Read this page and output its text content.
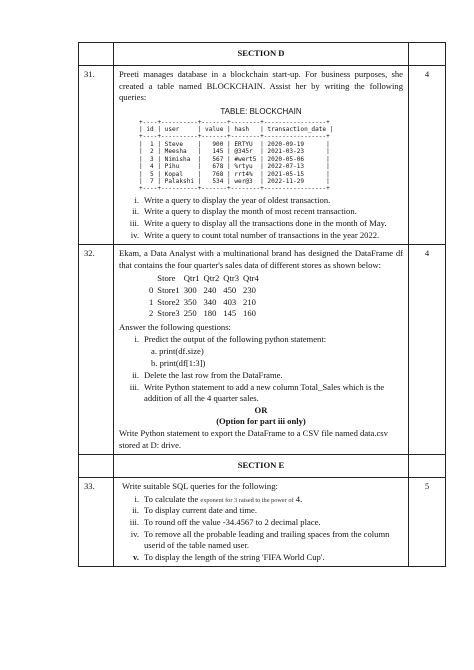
	SECTION D	
31.	Preeti manages database in a blockchain start-up. For business purposes, she created a table named BLOCKCHAIN. Assist her by writing the following queries:
TABLE: BLOCKCHAIN
+----+----------+-------+--------+-----------------+
| id | user     | value | hash   | transaction_date |
+----+----------+-------+--------+-----------------+
|  1 | Steve    |   900 | ERTYU  | 2020-09-19      |
|  2 | Meesha   |   145 | @345r  | 2021-03-23      |
|  3 | Nimisha  |   567 | #wert5 | 2020-05-06      |
|  4 | Pihu     |   678 | %rtyu  | 2022-07-13      |
|  5 | Kopal    |   768 | rrt4%  | 2021-05-15      |
|  7 | Palakshi |   534 | wer@3  | 2022-11-29      |
+----+----------+-------+--------+-----------------+
i. Write a query to display the year of oldest transaction.
ii. Write a query to display the month of most recent transaction.
iii. Write a query to display all the transactions done in the month of May.
iv. Write a query to count total number of transactions in the year 2022.
	4
32.	Ekam, a Data Analyst with a multinational brand has designed the DataFrame df that contains the four quarter's sales data of different stores as shown below:
	Store	Qtr1	Qtr2	Qtr3	Qtr4
0	Store1	300	240	450	230
1	Store2	350	340	403	210
2	Store3	250	180	145	160
Answer the following questions:
i. Predict the output of the following python statement:
a. print(df.size)
b. print(df[1:3])
ii. Delete the last row from the DataFrame.
iii. Write Python statement to add a new column Total_Sales which is the addition of all the 4 quarter sales.
OR
(Option for part iii only)
Write Python statement to export the DataFrame to a CSV file named data.csv stored at D: drive.
	4
	SECTION E	
33.	Write suitable SQL queries for the following:
i. To calculate the exponent for 3 raised to the power of 4.
ii. To display current date and time.
iii. To round off the value -34.4567 to 2 decimal place.
iv. To remove all the probable leading and trailing spaces from the column userid of the table named user.
v. To display the length of the string 'FIFA World Cup'.
	5
